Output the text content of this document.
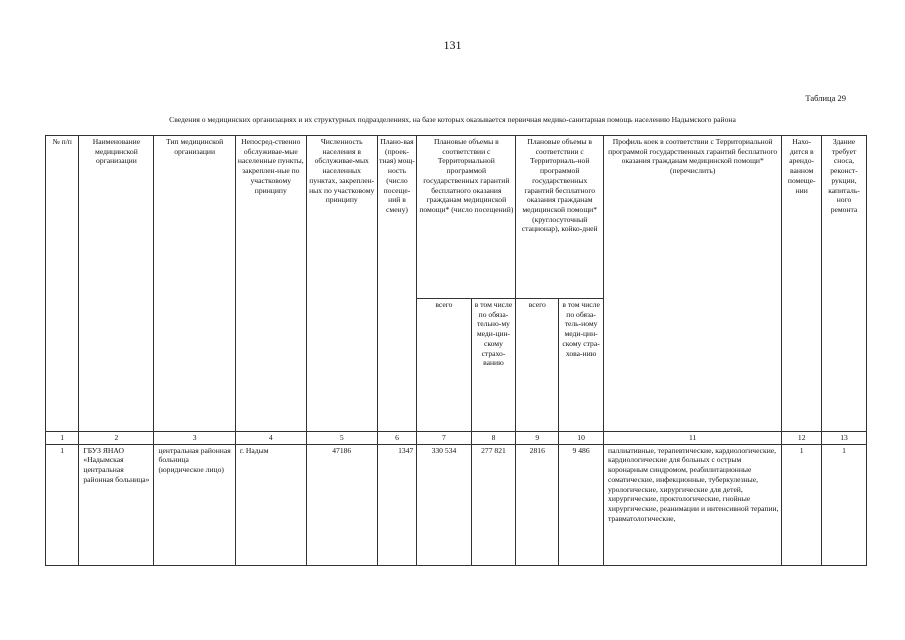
131
Таблица 29
Сведения о медицинских организациях и их структурных подразделениях, на базе которых оказывается первичная медико-санитарная помощь населению Надымского района
№ п/п	Наименование медицинской организации	Тип медицинской организации	Непосред-ственно обслуживае-мые населенные пункты, закреплен-ные по участковому принципу	Численность населения в обслуживае-мых населенных пунктах, закреплен-ных по участковому принципу	Плано-вая (проек-тная) мощ-ность (число посеще-ний в смену)	Плановые объемы в соответствии с Территориальной программой государственных гарантий бесплатного оказания гражданам медицинской помощи* (число посещений)		Плановые объемы в соответствии с Территориаль-ной программой государственных гарантий бесплатного оказания гражданам медицинской помощи* (круглосуточный стационар), койко-дней		Профиль коек в соответствии с Территориальной программой государственных гарантий бесплатного оказания гражданам медицинской помощи* (перечислить)	Нахо-дится в арендо-ванном помеще-нии	Здание требует сноса, реконст-рукции, капиталь-ного ремонта
						всего	в том числе по обяза-тельно-му меди-цин-скому страхо-ванию	всего	в том числе по обяза-тель-ному меди-цин-скому стра-хова-нию			
1	2	3	4	5	6	7	8	9	10	11	12	13
1	ГБУЗ ЯНАО «Надымская центральная районная больница»	центральная районная больница (юридическое лицо)	г. Надым	47186	1347	330 534	277 821	2816	9 486	паллиативные, терапевтические, кардиологические, кардиологические для больных с острым коронарным синдромом, реабилитационные соматические, инфекционные, туберкулезные, урологические, хирургические для детей, хирургические, проктологические, гнойные хирургические, реанимации и интенсивной терапии, травматологические,	1	1
